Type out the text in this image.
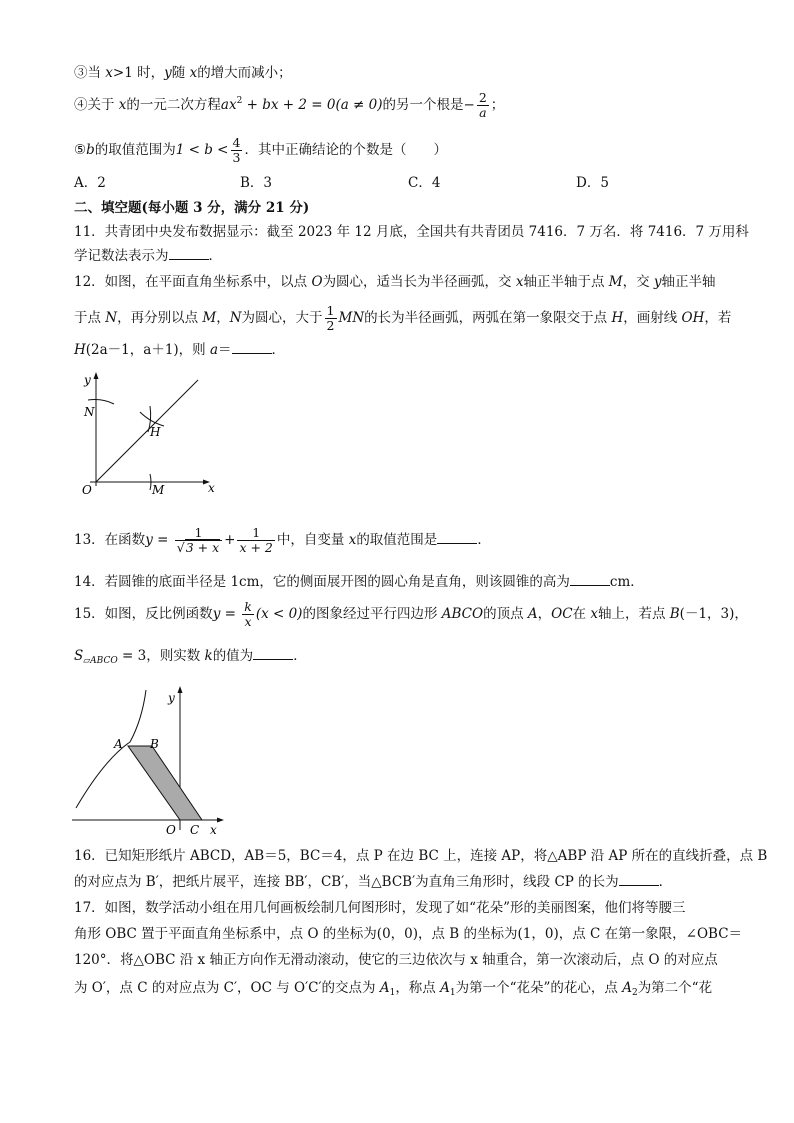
③当 x>1 时，y随 x的增大而减小；
④关于 x的一元二次方程$ax^2$ + bx + 2 = 0(a ≠ 0)的另一个根是− $\frac{2}{a}$ ；
⑤b的取值范围为$1 < b < \frac{4}{3}$ ．其中正确结论的个数是（　　）
A．2	B．3	C．4	D．5
二、填空题(每小题 3 分，满分 21 分)
11．共青团中央发布数据显示：截至 2023 年 12 月底，全国共有共青团员 7416．7 万名．将 7416．7 万用科
学记数法表示为	．
12．如图，在平面直角坐标系中，以点 O为圆心，适当长为半径画弧，交 x轴正半轴于点 M，交 y轴正半轴
于点 N，再分别以点 M，N为圆心，大于 $\frac{1}{2}$ MN的长为半径画弧，两弧在第一象限交于点 H，画射线 OH，若
H(2a－1，a＋1)，则 a＝	．
y
x
O
N
M
H
13．在函数$y = \frac{1}{√3 + x} + \frac{1}{x + 2}$ 中，自变量 x的取值范围是	．
14．若圆锥的底面半径是 1cm，它的侧面展开图的圆心角是直角，则该圆锥的高为	cm．
15．如图，反比例函数$y = \frac{k}{x} (x < 0)$的图象经过平行四边形 ABCO的顶点 A，OC在 x轴上，若点 B(－1，3)，
$S_{▱ABCO} = 3$，则实数 k的值为	．
y
x
O C
A B
16．已知矩形纸片 ABCD，AB＝5，BC＝4，点 P 在边 BC 上，连接 AP，将△ABP 沿 AP 所在的直线折叠，点 B
的对应点为 B′，把纸片展平，连接 BB′，CB′，当△BCB′为直角三角形时，线段 CP 的长为	．
17．如图，数学活动小组在用几何画板绘制几何图形时，发现了如“花朵”形的美丽图案，他们将等腰三
角形 OBC 置于平面直角坐标系中，点 O 的坐标为(0，0)，点 B 的坐标为(1，0)，点 C 在第一象限，∠OBC＝
120°．将△OBC 沿 x 轴正方向作无滑动滚动，使它的三边依次与 x 轴重合，第一次滚动后，点 O 的对应点
为 O′，点 C 的对应点为 C′，OC 与 O′C′的交点为 $A_1$，称点 $A_1$为第一个“花朵”的花心，点 $A_2$为第二个“花
